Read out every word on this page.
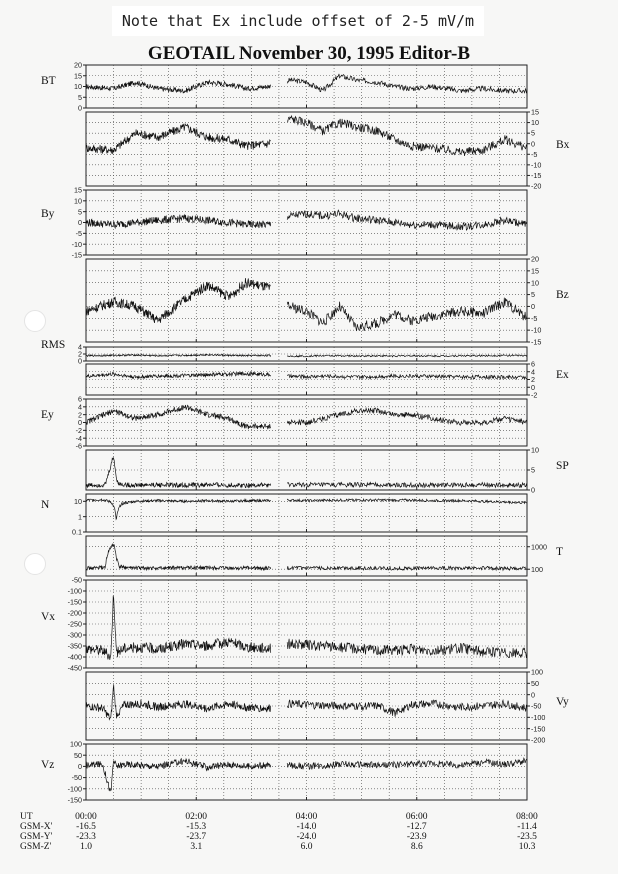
Note that Ex include offset of 2-5 mV/m
GEOTAIL November 30, 1995 Editor-B
0
5
10
15
20
BT
-20
-15
-10
-5
0
5
10
15
Bx
-15
-10
-5
0
5
10
15
By
-15
-10
-5
0
5
10
15
20
Bz
0
2
4
RMS
-2
0
2
4
6
Ex
-6
-4
-2
0
2
4
6
Ey
0
5
10
SP
0.1
1
10
N
100
1000 T
-450
-400
-350
-300
-250
-200
-150
-100
-50
Vx
-200
-150
-100
-50
0
50
100
Vy
-150
-100
-50
0
50
100
Vz
UT
GSM-X'
GSM-Y'
GSM-Z'
00:00
-16.5
-23.3
1.0
02:00
-15.3
-23.7
3.1
04:00
-14.0
-24.0
6.0
06:00
-12.7
-23.9
8.6
08:00
-11.4
-23.5
10.3
